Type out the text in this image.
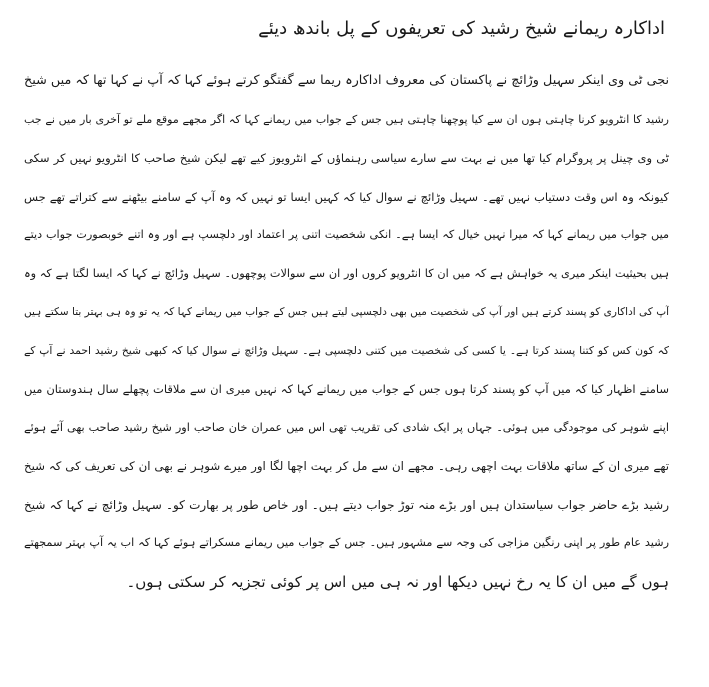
اداکارہ ریمانے شیخ رشید کی تعریفوں کے پل باندھ دیئے
نجی ٹی وی اینکر سہیل وڑائچ نے پاکستان کی معروف اداکارہ ریما سے گفتگو کرتے ہوئے کہا کہ آپ نے کہا تھا کہ میں شیخ
رشید کا انٹرویو کرنا چاہتی ہوں ان سے کیا پوچھنا چاہتی ہیں جس کے جواب میں ریمانے کہا کہ اگر مجھے موقع ملے تو آخری بار میں نے جب
ٹی وی چینل پر پروگرام کیا تھا میں نے بہت سے سارے سیاسی رہنماؤں کے انٹرویوز کیے تھے لیکن شیخ صاحب کا انٹرویو نہیں کر سکی
کیونکہ وہ اس وقت دستیاب نہیں تھے۔ سہیل وڑائچ نے سوال کیا کہ کہیں ایسا تو نہیں کہ وہ آپ کے سامنے بیٹھنے سے کتراتے تھے جس
میں جواب میں ریمانے کہا کہ میرا نہیں خیال کہ ایسا ہے۔ انکی شخصیت اتنی پر اعتماد اور دلچسپ ہے اور وہ اتنے خوبصورت جواب دیتے
ہیں بحیثیت اینکر میری یہ خواہش ہے کہ میں ان کا انٹرویو کروں اور ان سے سوالات پوچھوں۔ سہیل وڑائچ نے کہا کہ ایسا لگتا ہے کہ وہ
آپ کی اداکاری کو پسند کرتے ہیں اور آپ کی شخصیت میں بھی دلچسپی لیتے ہیں جس کے جواب میں ریمانے کہا کہ یہ تو وہ ہی بہتر بتا سکتے ہیں
کہ کون کس کو کتنا پسند کرتا ہے۔ یا کسی کی شخصیت میں کتنی دلچسپی ہے۔ سہیل وڑائچ نے سوال کیا کہ کبھی شیخ رشید احمد نے آپ کے
سامنے اظہار کیا کہ میں آپ کو پسند کرتا ہوں جس کے جواب میں ریمانے کہا کہ نہیں میری ان سے ملاقات پچھلے سال ہندوستان میں
اپنے شوہر کی موجودگی میں ہوئی۔ جہاں پر ایک شادی کی تقریب تھی اس میں عمران خان صاحب اور شیخ رشید صاحب بھی آئے ہوئے
تھے میری ان کے ساتھ ملاقات بہت اچھی رہی۔ مجھے ان سے مل کر بہت اچھا لگا اور میرے شوہر نے بھی ان کی تعریف کی کہ شیخ
رشید بڑے حاضر جواب سیاستدان ہیں اور بڑے منہ توڑ جواب دیتے ہیں۔ اور خاص طور پر بھارت کو۔ سہیل وڑائچ نے کہا کہ شیخ
رشید عام طور پر اپنی رنگین مزاجی کی وجہ سے مشہور ہیں۔ جس کے جواب میں ریمانے مسکراتے ہوئے کہا کہ اب یہ آپ بہتر سمجھتے
ہوں گے میں ان کا یہ رخ نہیں دیکھا اور نہ ہی میں اس پر کوئی تجزیہ کر سکتی ہوں۔
